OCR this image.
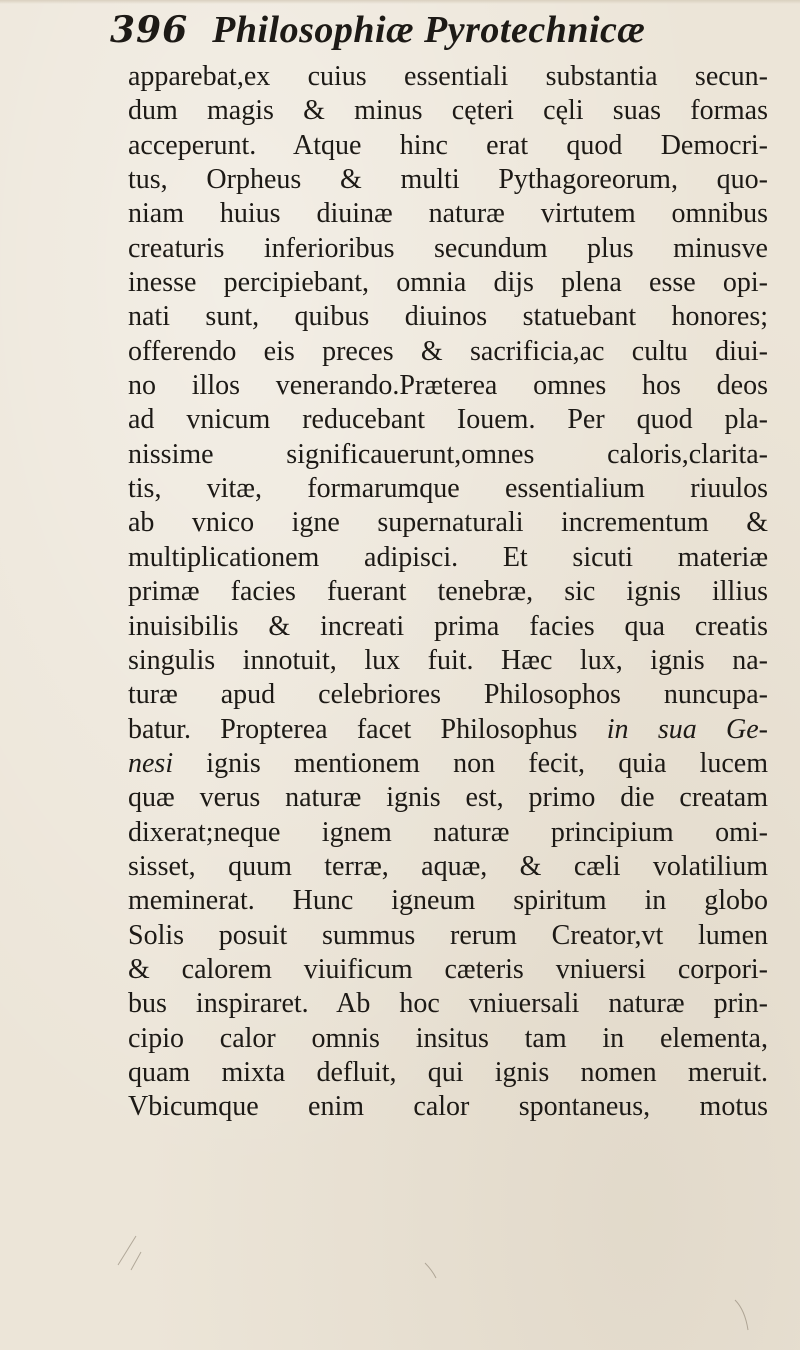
396 Philosophiæ Pyrotechnicæ
apparebat,ex cuius essentiali substantia secun-
dum magis & minus cęteri cęli suas formas
acceperunt. Atque hinc erat quod Democri-
tus, Orpheus & multi Pythagoreorum, quo-
niam huius diuinæ naturæ virtutem omnibus
creaturis inferioribus secundum plus minusve
inesse percipiebant, omnia dijs plena esse opi-
nati sunt, quibus diuinos statuebant honores;
offerendo eis preces & sacrificia,ac cultu diui-
no illos venerando.Præterea omnes hos deos
ad vnicum reducebant Iouem. Per quod pla-
nissime significauerunt,omnes caloris,clarita-
tis, vitæ, formarumque essentialium riuulos
ab vnico igne supernaturali incrementum &
multiplicationem adipisci. Et sicuti materiæ
primæ facies fuerant tenebræ, sic ignis illius
inuisibilis & increati prima facies qua creatis
singulis innotuit, lux fuit. Hæc lux, ignis na-
turæ apud celebriores Philosophos nuncupa-
batur. Propterea facet Philosophus in sua Ge-
nesi ignis mentionem non fecit, quia lucem
quæ verus naturæ ignis est, primo die creatam
dixerat;neque ignem naturæ principium omi-
sisset, quum terræ, aquæ, & cæli volatilium
meminerat. Hunc igneum spiritum in globo
Solis posuit summus rerum Creator,vt lumen
& calorem viuificum cæteris vniuersi corpori-
bus inspiraret. Ab hoc vniuersali naturæ prin-
cipio calor omnis insitus tam in elementa,
quam mixta defluit, qui ignis nomen meruit.
Vbicumque enim calor spontaneus, motus
